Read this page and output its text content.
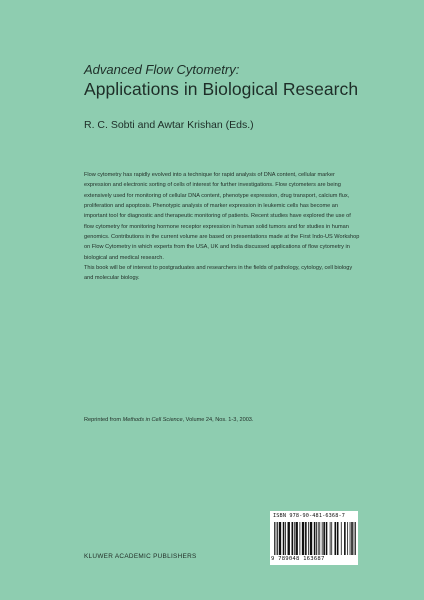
Advanced Flow Cytometry:
Applications in Biological Research

R. C. Sobti and Awtar Krishan (Eds.)

Flow cytometry has rapidly evolved into a technique for rapid analysis of DNA content, cellular marker expression and electronic sorting of cells of interest for further investigations. Flow cytometers are being extensively used for monitoring of cellular DNA content, phenotype expression, drug transport, calcium flux, proliferation and apoptosis. Phenotypic analysis of marker expression in leukemic cells has become an important tool for diagnostic and therapeutic monitoring of patients. Recent studies have explored the use of flow cytometry for monitoring hormone receptor expression in human solid tumors and for studies in human genomics. Contributions in the current volume are based on presentations made at the First Indo-US Workshop on Flow Cytometry in which experts from the USA, UK and India discussed applications of flow cytometry in biological and medical research.

This book will be of interest to postgraduates and researchers in the fields of pathology, cytology, cell biology and molecular biology.

Reprinted from Methods in Cell Science, Volume 24, Nos. 1-3, 2003.

ISBN 978-90-481-6368-7
9 789048 163687

KLUWER ACADEMIC PUBLISHERS
